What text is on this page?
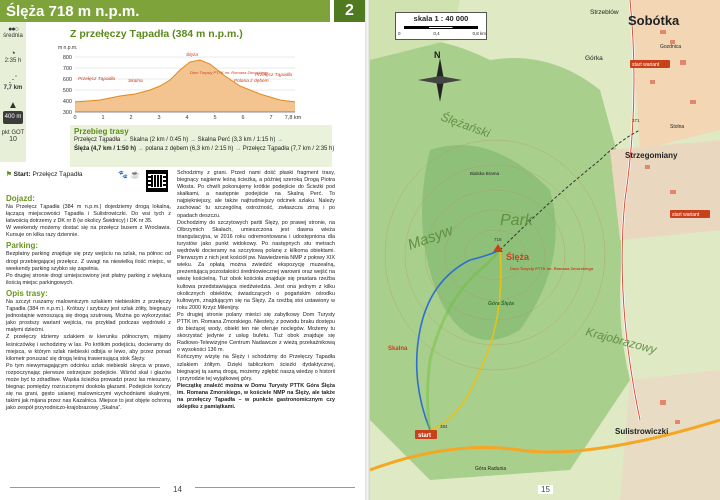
Ślęża 718 m n.p.m.	2
●●○
średnia
◔
2:35 h
⋰
7,7 km
▲
400 m
pkt GOT
10
Z przełęczy Tąpadła (384 m n.p.m.)
m n.p.m.
800
700
600
500
400
300
0	1	2	3	4	5	6	7 7,8 km
Przełęcz Tąpadła	Skalna
Ślęża
Dom Turysty PTTK im. Romana Zmorskiego
Polana z dębem
Przełęcz Tąpadła
Przebieg trasy
Przełęcz Tąpadła → Skalna (2 km / 0:45 h) → Skalna Perć (3,3 km / 1:15 h) →
Ślęża (4,7 km / 1:50 h) → polana z dębem (6,3 km / 2:15 h) → Przełęcz Tąpadła (7,7 km / 2:35 h)
⚑ Start: Przełęcz Tąpadła	🐾 ☕
Dojazd:

Na Przełęcz Tąpadła (384 m n.p.m.) dojedziemy drogą lokalną, łączącą miejscowości Tąpadła i Sulistrowiczki. Do wsi tych z łatwością dotrzemy z DK nr 8 (w okolicy Świdnicy) i DK nr 35.

W weekendy możemy dostać się na przełęcz busem z Wrocławia. Kursuje on kilka razy dziennie.

Parking:

Bezpłatny parking znajduje się przy wejściu na szlak, na północ od drogi przebiegającej przełęcz. Z uwagi na niewielką ilość miejsc, w weekendy parking szybko się zapełnia.

Po drugiej stronie drogi umiejscowiony jest płatny parking z większą ilością miejsc parkingowych.

Opis trasy:

Na szczyt ruszamy malowniczym szlakiem niebieskim z przełęczy Tąpadła (384 m n.p.m.). Krótszy i szybszy jest szlak żółty, biegnący jednostajnie wznoszącą się drogą szutrową. Można go wykorzystać jako prostszy wariant wejścia, na przykład podczas wędrówki z małymi dziećmi.

Z przełęczy idziemy szlakiem w kierunku północnym, mijamy leśniczówkę i wchodzimy w las. Po krótkim podejściu, docieramy do miejsca, w którym szlak niebieski odbija w lewo, aby przez ponad kilometr poruszać się drogą leśną trawersującą stok Ślęży.

Po tym niewymagającym odcinku szlak niebieski skręca w prawo, rozpoczynając pierwsze ostrzejsze podejście. Wśród skał i głazów może być to zdradliwe. Wąska ścieżka prowadzi przez las mieszany, biegnąc pomiędzy rozrzuconymi dookoła głazami. Podejście kończy się na grani, gęsto usianej malowniczymi wychodniami skalnymi, takimi jak mijana przez nas Kazalnica. Miejsce to jest objęte ochroną jako zespół przyrodniczo-krajobrazowy „Skalna”.

Schodzimy z grani. Przed nami dość płaski fragment trasy, biegnący najpierw leśną ścieżką, a później szeroką Drogą Piotra Włosta. Po chwili pokonujemy krótkie podejście do Ścieżki pod skałkami, a następnie podejście na Skalną Perć. To najpiękniejszy, ale także najtrudniejszy odcinek szlaku. Należy zachować tu szczególną ostrożność, zwłaszcza zimą i po opadach deszczu.

Dochodzimy do szczytowych partii Ślęży, po prawej stronie, na Olbrzymich Skałach, umieszczona jest dawna wieża triangulacyjna, w 2016 roku odremontowana i udostępniona dla turystów jako punkt widokowy. Po następnych stu metrach wędrówki docieramy na szczytową polanę z kilkoma obiektami. Pierwszym z nich jest kościół pw. Nawiedzenia NMP z połowy XIX wieku. Za opłatą można zwiedzić ekspozycję muzealną, prezentującą pozostałości średniowiecznej warowni oraz wejść na wieżę kościelną. Tuż obok kościoła znajduje się prastara rzeźba kultowa przedstawiająca niedźwiedzia. Jest ona jednym z kilku okolicznych obiektów, świadczących o pogańskim ośrodku kultowym, znajdującym się na Ślęży. Za rzeźbą stoi ustawiony w roku 2000 Krzyż Milenijny.

Po drugiej stronie polany mieści się zabytkowy Dom Turysty PTTK im. Romana Zmorskiego. Niestety, z powodu braku dostępu do bieżącej wody, obiekt ten nie oferuje noclegów. Możemy tu skorzystać jedynie z usług bufetu. Tuż obok znajduje się Radiowo-Telewizyjne Centrum Nadawcze z wieżą przekaźnikową o wysokości 136 m.

Kończymy wizytę na Ślęży i schodzimy do Przełęczy Tąpadła szlakiem żółtym. Dzięki tabliczkom ścieżki dydaktycznej, biegnącej tą samą drogą, możemy zgłębić naszą wiedzę o historii i przyrodzie tej wyjątkowej góry.

Pieczątkę znaleźć można w Domu Turysty PTTK Góra Ślęża im. Romana Zmorskiego, w kościele NMP na Ślęży, ale także na przełęczy Tąpadła – w punkcie gastronomicznym czy sklepiku z pamiątkami.

14
Sobótka
Strzeblów
Górka
Strzegomiany
Sulistrowiczki
Gozdnica
Stolna
Góra Radunia
Bialska Brama
Park
Ślężański
Krajobrazowy
Masyw
Ślęża
Dom Turysty PTTK im. Romana Zmorskiego
Skalna
Góra Ślęża
718
371
384
start
start wariant
start wariant
N
skala 1 : 40 000
0	0,4	0,8 km
15
